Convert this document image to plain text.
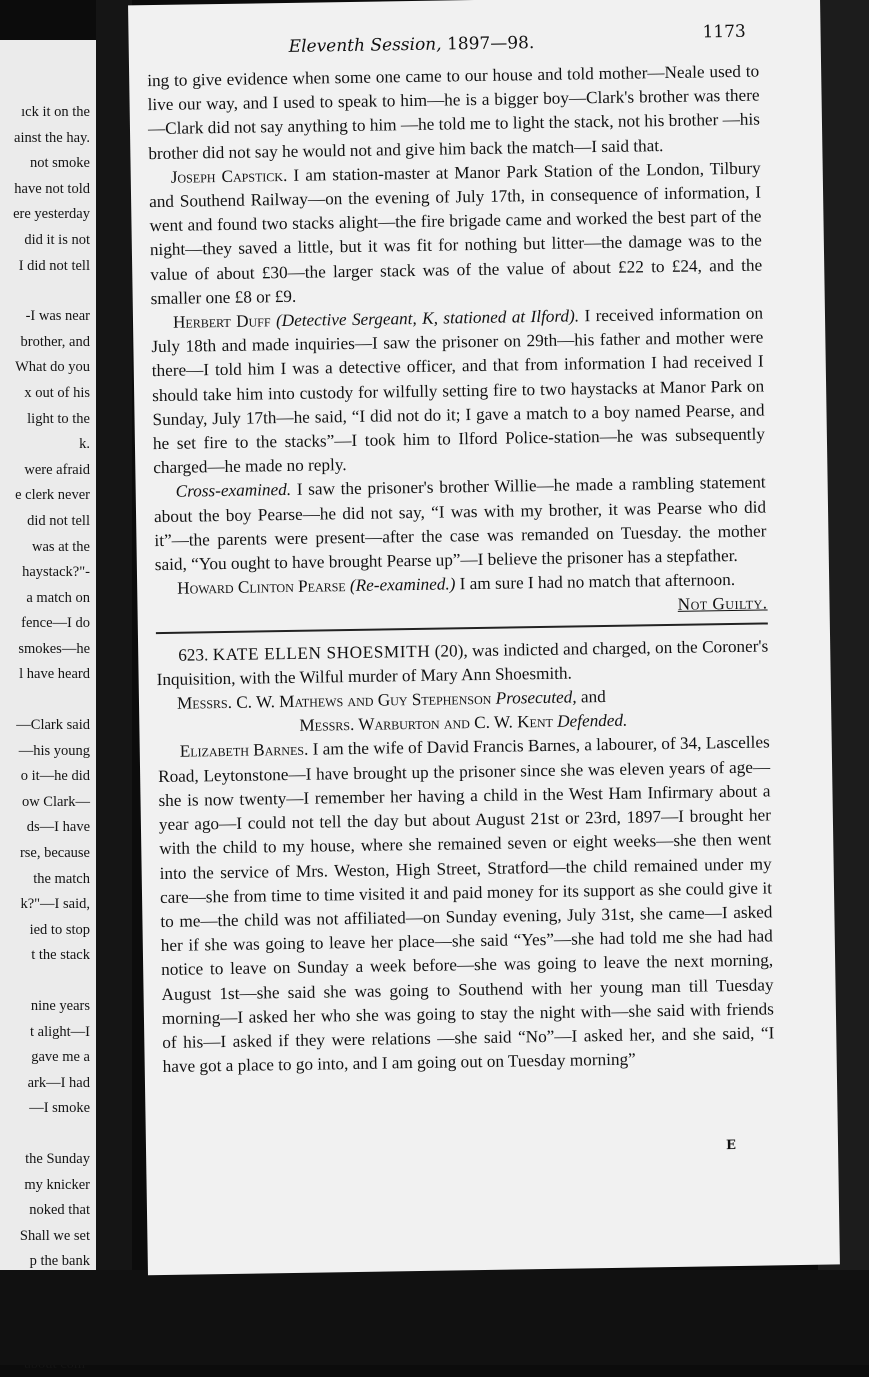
ıck it on the
ainst the hay.
not smoke
have not told
ere yesterday
did it is not
I did not tell
-I was near
brother, and
What do you
x out of his
light to the
k.
were afraid
e clerk never
did not tell
was at the
haystack?"-
a match on
fence—I do
smokes—he
l have heard
—Clark said
—his young
o it—he did
ow Clark—
ds—I have
rse, because
the match
k?"—I said,
ied to stop
t the stack
nine years
t alight—I
gave me a
ark—I had
—I smoke
the Sunday
my knicker
noked that
Shall we set
p the bank
Eleventh Session, 1897—98.
1173

ing to give evidence when some one came to our house and told mother—Neale used to live our way, and I used to speak to him—he is a bigger boy—Clark's brother was there—Clark did not say anything to him —he told me to light the stack, not his brother —his brother did not say he would not and give him back the match—I said that.

Joseph Capstick. I am station-master at Manor Park Station of the London, Tilbury and Southend Railway—on the evening of July 17th, in consequence of information, I went and found two stacks alight—the fire brigade came and worked the best part of the night—they saved a little, but it was fit for nothing but litter—the damage was to the value of about £30—the larger stack was of the value of about £22 to £24, and the smaller one £8 or £9.

Herbert Duff (Detective Sergeant, K, stationed at Ilford). I received information on July 18th and made inquiries—I saw the prisoner on 29th—his father and mother were there—I told him I was a detective officer, and that from information I had received I should take him into custody for wilfully setting fire to two haystacks at Manor Park on Sunday, July 17th—he said, “I did not do it; I gave a match to a boy named Pearse, and he set fire to the stacks”—I took him to Ilford Police-station—he was subsequently charged—he made no reply.

Cross-examined. I saw the prisoner's brother Willie—he made a rambling statement about the boy Pearse—he did not say, “I was with my brother, it was Pearse who did it”—the parents were present—after the case was remanded on Tuesday. the mother said, “You ought to have brought Pearse up”—I believe the prisoner has a stepfather.

Howard Clinton Pearse (Re-examined.) I am sure I had no match that afternoon.

Not Guilty.

623. KATE ELLEN SHOESMITH (20), was indicted and charged, on the Coroner's Inquisition, with the Wilful murder of Mary Ann Shoesmith.

Messrs. C. W. Mathews and Guy Stephenson Prosecuted, and

Messrs. Warburton and C. W. Kent Defended.

Elizabeth Barnes. I am the wife of David Francis Barnes, a labourer, of 34, Lascelles Road, Leytonstone—I have brought up the prisoner since she was eleven years of age—she is now twenty—I remember her having a child in the West Ham Infirmary about a year ago—I could not tell the day but about August 21st or 23rd, 1897—I brought her with the child to my house, where she remained seven or eight weeks—she then went into the service of Mrs. Weston, High Street, Stratford—the child remained under my care—she from time to time visited it and paid money for its support as she could give it to me—the child was not affiliated—on Sunday evening, July 31st, she came—I asked her if she was going to leave her place—she said “Yes”—she had told me she had had notice to leave on Sunday a week before—she was going to leave the next morning, August 1st—she said she was going to Southend with her young man till Tuesday morning—I asked her who she was going to stay the night with—she said with friends of his—I asked if they were relations —she said “No”—I asked her, and she said, “I have got a place to go into, and I am going out on Tuesday morning”

E
